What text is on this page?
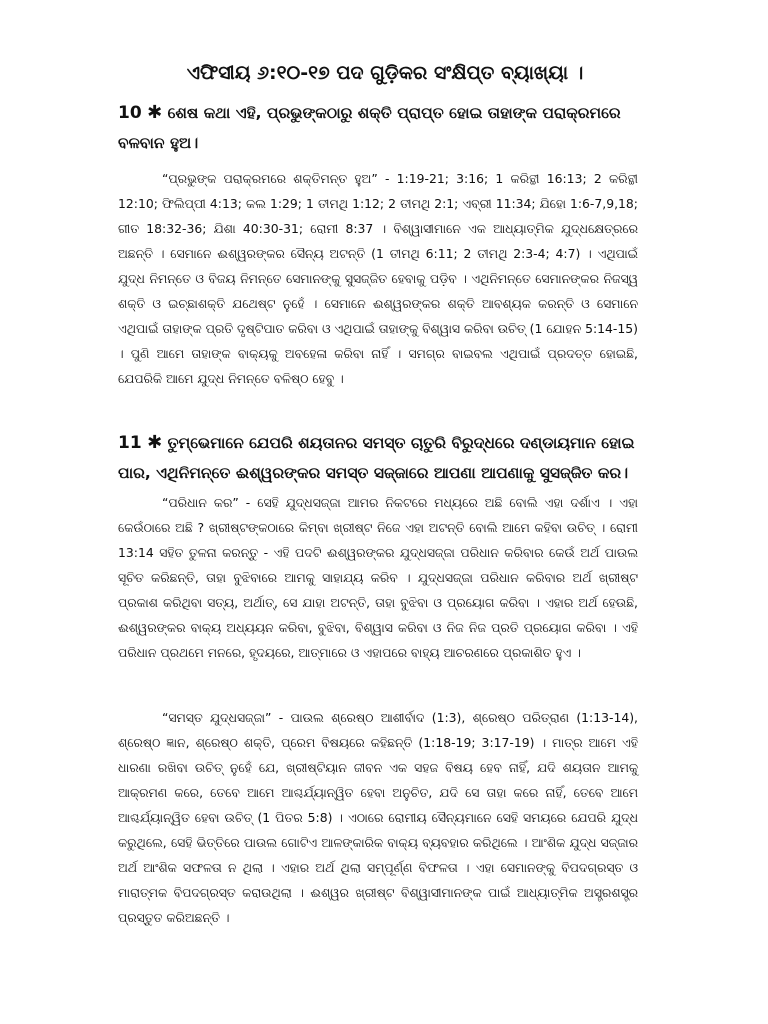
ଏଫିସୀୟ ୬:୧୦-୧୭ ପଦ ଗୁଡ଼ିକର ସଂକ୍ଷିପ୍ତ ବ୍ୟାଖ୍ୟା ।
10 ✱ ଶେଷ କଥା ଏହି, ପ୍ରଭୁଙ୍କଠାରୁ ଶକ୍ତି ପ୍ରାପ୍ତ ହୋଇ ତାହାଙ୍କ ପରାକ୍ରମରେ ବଳବାନ ହୁଅ।
“ପ୍ରଭୁଙ୍କ ପରାକ୍ରମରେ ଶକ୍ତିମନ୍ତ ହୁଅ” - 1:19-21; 3:16; 1 କରିନ୍ଥୀ 16:13; 2 କରିନ୍ଥୀ 12:10; ଫିଲିପ୍ପୀ 4:13; କଲ 1:29; 1 ତୀମଥି 1:12; 2 ତୀମଥି 2:1; ଏବ୍ରୀ 11:34; ଯିହୋ 1:6-7,9,18; ଗୀତ 18:32-36; ଯିଶା 40:30-31; ରୋମୀ 8:37 । ବିଶ୍ୱାସୀମାନେ ଏକ ଆଧ୍ୟାତ୍ମିକ ଯୁଦ୍ଧକ୍ଷେତ୍ରରେ ଅଛନ୍ତି । ସେମାନେ ଈଶ୍ୱରଙ୍କର ସୈନ୍ୟ ଅଟନ୍ତି (1 ତୀମଥି 6:11; 2 ତୀମଥି 2:3-4; 4:7) । ଏଥିପାଇଁ ଯୁଦ୍ଧ ନିମନ୍ତେ ଓ ବିଜୟ ନିମନ୍ତେ ସେମାନଙ୍କୁ ସୁସଜ୍ଜିତ ହେବାକୁ ପଡ଼ିବ । ଏଥିନିମନ୍ତେ ସେମାନଙ୍କର ନିଜସ୍ୱ ଶକ୍ତି ଓ ଇଚ୍ଛାଶକ୍ତି ଯଥେଷ୍ଟ ନୁହେଁ । ସେମାନେ ଈଶ୍ୱରଙ୍କର ଶକ୍ତି ଆବଶ୍ୟକ କରନ୍ତି ଓ ସେମାନେ ଏଥିପାଇଁ ତାହାଙ୍କ ପ୍ରତି ଦୃଷ୍ଟିପାତ କରିବା ଓ ଏଥିପାଇଁ ତାହାଙ୍କୁ ବିଶ୍ୱାସ କରିବା ଉଚିତ୍ (1 ଯୋହନ 5:14-15) । ପୁଣି ଆମେ ତାହାଙ୍କ ବାକ୍ୟକୁ ଅବହେଳା କରିବା ନାହିଁ । ସମଗ୍ର ବାଇବଲ ଏଥିପାଇଁ ପ୍ରଦତ୍ତ ହୋଇଛି, ଯେପରିକି ଆମେ ଯୁଦ୍ଧ ନିମନ୍ତେ ବଳିଷ୍ଠ ହେବୁ ।
11 ✱ ତୁମ୍ଭେମାନେ ଯେପରି ଶୟତାନର ସମସ୍ତ ଚାତୁରି ବିରୁଦ୍ଧରେ ଦଣ୍ଡାୟମାନ ହୋଇ ପାର, ଏଥିନିମନ୍ତେ ଈଶ୍ୱରଙ୍କର ସମସ୍ତ ସଜ୍ଜାରେ ଆପଣା ଆପଣାକୁ ସୁସଜ୍ଜିତ କର।
“ପରିଧାନ କର” - ସେହି ଯୁଦ୍ଧସଜ୍ଜା ଆମର ନିକଟରେ ମଧ୍ୟରେ ଅଛି ବୋଲି ଏହା ଦର୍ଶାଏ । ଏହା କେଉଁଠାରେ ଅଛି ? ଖ୍ରୀଷ୍ଟଙ୍କଠାରେ କିମ୍ବା ଖ୍ରୀଷ୍ଟ ନିଜେ ଏହା ଅଟନ୍ତି ବୋଲି ଆମେ କହିବା ଉଚିତ୍ । ରୋମୀ 13:14 ସହିତ ତୁଳନା କରନ୍ତୁ - ଏହି ପଦଟି ଈଶ୍ୱରଙ୍କର ଯୁଦ୍ଧସଜ୍ଜା ପରିଧାନ କରିବାର କେଉଁ ଅର୍ଥ ପାଉଲ ସୂଚିତ କରିଛନ୍ତି, ତାହା ବୁଝିବାରେ ଆମକୁ ସାହାଯ୍ୟ କରିବ । ଯୁଦ୍ଧସଜ୍ଜା ପରିଧାନ କରିବାର ଅର୍ଥ ଖ୍ରୀଷ୍ଟ ପ୍ରକାଶ କରିଥିବା ସତ୍ୟ, ଅର୍ଥାତ୍, ସେ ଯାହା ଅଟନ୍ତି, ତାହା ବୁଝିବା ଓ ପ୍ରୟୋଗ କରିବା । ଏହାର ଅର୍ଥ ହେଉଛି, ଈଶ୍ୱରଙ୍କର ବାକ୍ୟ ଅଧ୍ୟୟନ କରିବା, ବୁଝିବା, ବିଶ୍ୱାସ କରିବା ଓ ନିଜ ନିଜ ପ୍ରତି ପ୍ରୟୋଗ କରିବା । ଏହି ପରିଧାନ ପ୍ରଥମେ ମନରେ, ହୃଦୟରେ, ଆତ୍ମାରେ ଓ ଏହାପରେ ବାହ୍ୟ ଆଚରଣରେ ପ୍ରକାଶିତ ହୁଏ ।
“ସମସ୍ତ ଯୁଦ୍ଧସଜ୍ଜା” - ପାଉଲ ଶ୍ରେଷ୍ଠ ଆଶୀର୍ବାଦ (1:3), ଶ୍ରେଷ୍ଠ ପରିତ୍ରାଣ (1:13-14), ଶ୍ରେଷ୍ଠ ଜ୍ଞାନ, ଶ୍ରେଷ୍ଠ ଶକ୍ତି, ପ୍ରେମ ବିଷୟରେ କହିଛନ୍ତି (1:18-19; 3:17-19) । ମାତ୍ର ଆମେ ଏହି ଧାରଣା ରଖିବା ଉଚିତ୍ ନୁହେଁ ଯେ, ଖ୍ରୀଷ୍ଟିୟାନ ଜୀବନ ଏକ ସହଜ ବିଷୟ ହେବ ନାହିଁ, ଯଦି ଶୟତାନ ଆମକୁ ଆକ୍ରମଣ କରେ, ତେବେ ଆମେ ଆଶ୍ଚର୍ଯ୍ୟାନ୍ୱିତ ହେବା ଅନୁଚିତ, ଯଦି ସେ ତାହା କରେ ନାହିଁ, ତେବେ ଆମେ ଆଶ୍ଚର୍ଯ୍ୟାନ୍ୱିତ ହେବା ଉଚିତ୍ (1 ପିତର 5:8) । ଏଠାରେ ରୋମୀୟ ସୈନ୍ୟମାନେ ସେହି ସମୟରେ ଯେପରି ଯୁଦ୍ଧ କରୁଥିଲେ, ସେହି ଭିତ୍ତିରେ ପାଉଲ ଗୋଟିଏ ଆଳଙ୍କାରିକ ବାକ୍ୟ ବ୍ୟବହାର କରିଥିଲେ । ଆଂଶିକ ଯୁଦ୍ଧ ସଜ୍ଜାର ଅର୍ଥ ଆଂଶିକ ସଫଳତା ନ ଥିଲା । ଏହାର ଅର୍ଥ ଥିଲା ସମ୍ପୂର୍ଣ୍ଣ ବିଫଳତା । ଏହା ସେମାନଙ୍କୁ ବିପଦଗ୍ରସ୍ତ ଓ ମାରାତ୍ମକ ବିପଦଗ୍ରସ୍ତ କରାଉଥିଲା । ଈଶ୍ୱର ଖ୍ରୀଷ୍ଟ ବିଶ୍ୱାସୀମାନଙ୍କ ପାଇଁ ଆଧ୍ୟାତ୍ମିକ ଅସ୍ତ୍ରଶସ୍ତ୍ର ପ୍ରସ୍ତୁତ କରିଅଛନ୍ତି ।
